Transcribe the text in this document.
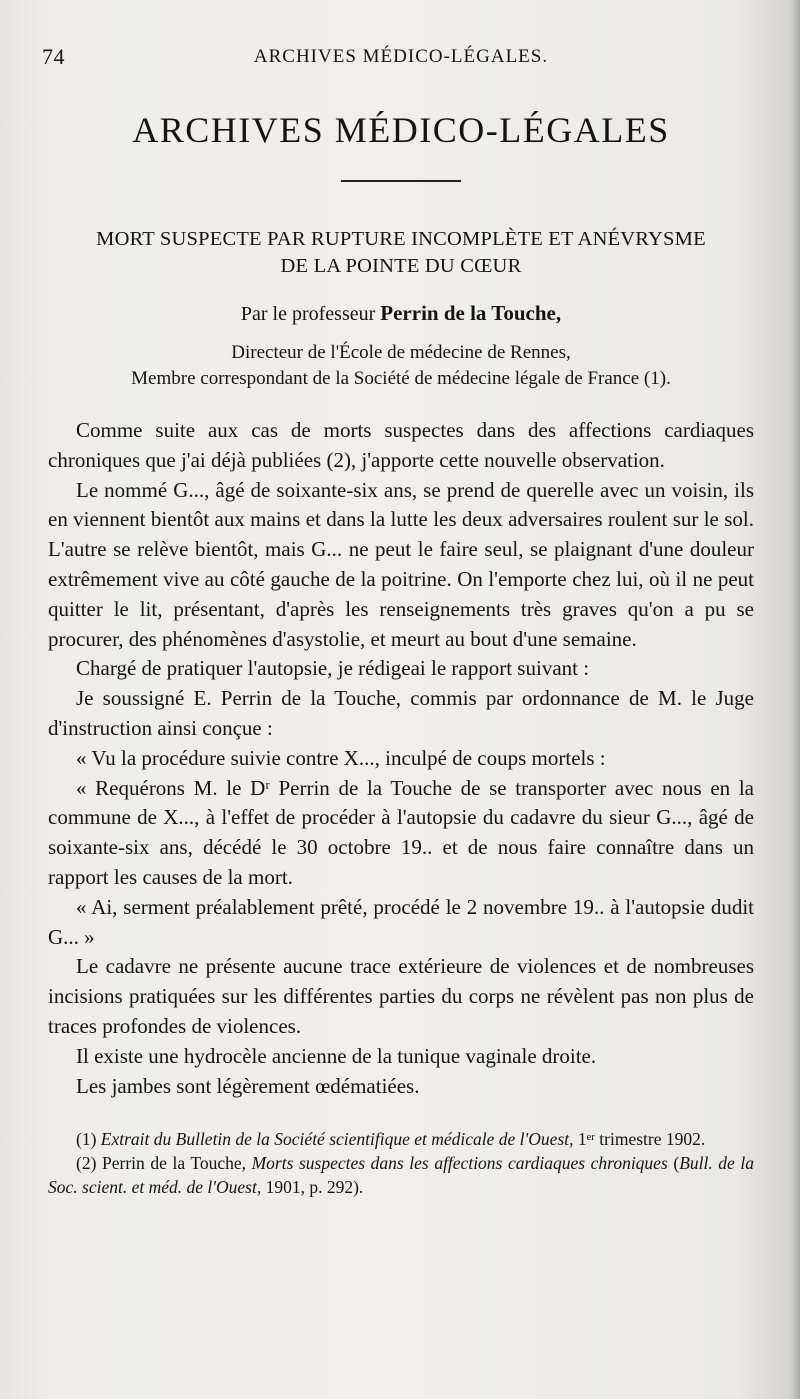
74	ARCHIVES MÉDICO-LÉGALES.
ARCHIVES MÉDICO-LÉGALES
MORT SUSPECTE PAR RUPTURE INCOMPLÈTE ET ANÉVRYSME
DE LA POINTE DU CŒUR
Par le professeur Perrin de la Touche,
Directeur de l'École de médecine de Rennes,
Membre correspondant de la Société de médecine légale de France (1).

Comme suite aux cas de morts suspectes dans des affections cardiaques chroniques que j'ai déjà publiées (2), j'apporte cette nouvelle observation.

Le nommé G..., âgé de soixante-six ans, se prend de querelle avec un voisin, ils en viennent bientôt aux mains et dans la lutte les deux adversaires roulent sur le sol. L'autre se relève bientôt, mais G... ne peut le faire seul, se plaignant d'une douleur extrêmement vive au côté gauche de la poitrine. On l'emporte chez lui, où il ne peut quitter le lit, présentant, d'après les renseignements très graves qu'on a pu se procurer, des phénomènes d'asystolie, et meurt au bout d'une semaine.

Chargé de pratiquer l'autopsie, je rédigeai le rapport suivant :

Je soussigné E. Perrin de la Touche, commis par ordonnance de M. le Juge d'instruction ainsi conçue :

« Vu la procédure suivie contre X..., inculpé de coups mortels :

« Requérons M. le Dʳ Perrin de la Touche de se transporter avec nous en la commune de X..., à l'effet de procéder à l'autopsie du cadavre du sieur G..., âgé de soixante-six ans, décédé le 30 octobre 19.. et de nous faire connaître dans un rapport les causes de la mort.

« Ai, serment préalablement prêté, procédé le 2 novembre 19.. à l'autopsie dudit G... »

Le cadavre ne présente aucune trace extérieure de violences et de nombreuses incisions pratiquées sur les différentes parties du corps ne révèlent pas non plus de traces profondes de violences.

Il existe une hydrocèle ancienne de la tunique vaginale droite.

Les jambes sont légèrement œdématiées.

(1) Extrait du Bulletin de la Société scientifique et médicale de l'Ouest, 1ᵉʳ trimestre 1902.

(2) Perrin de la Touche, Morts suspectes dans les affections cardiaques chroniques (Bull. de la Soc. scient. et méd. de l'Ouest, 1901, p. 292).
